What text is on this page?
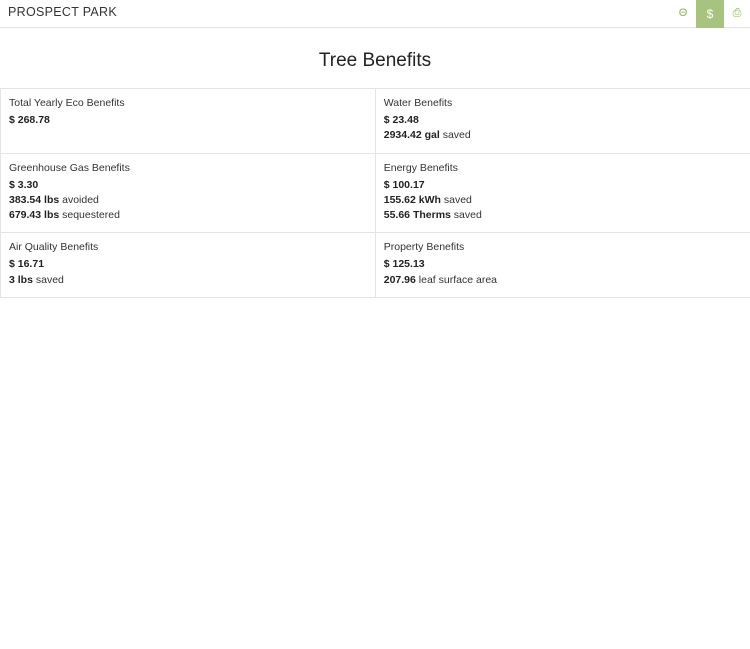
PROSPECT PARK	Θ $ ⎙
Tree Benefits
Total Yearly Eco Benefits
$ 268.78

Water Benefits
$ 23.48
2934.42 gal saved

Greenhouse Gas Benefits
$ 3.30
383.54 lbs avoided
679.43 lbs sequestered

Energy Benefits
$ 100.17
155.62 kWh saved
55.66 Therms saved

Air Quality Benefits
$ 16.71
3 lbs saved

Property Benefits
$ 125.13
207.96 leaf surface area
